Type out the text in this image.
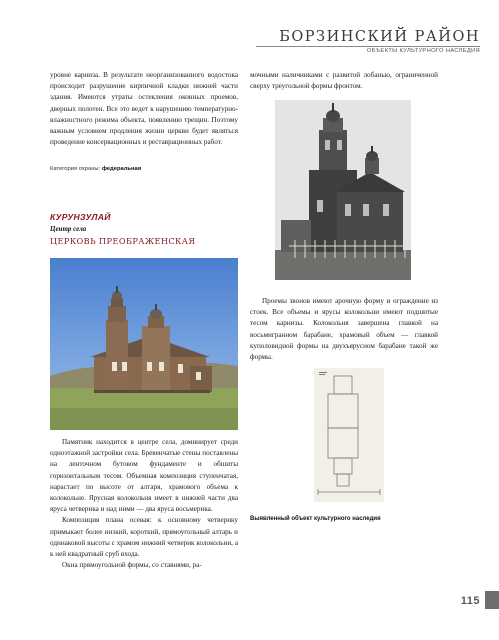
БОРЗИНСКИЙ РАЙОН
ОБЪЕКТЫ КУЛЬТУРНОГО НАСЛЕДИЯ

уровне карниза. В результате неорганизованного водостока происходит разрушение кирпичной кладки нижней части здания. Имеются утраты остекления оконных проемов, дверных полотен. Все это ведет к нарушению температурно-влажностного режима объекта, появлению трещин. Поэтому важным условием продления жизни церкви будет являться проведение консервационных и реставрационных работ.

Категория охраны: федеральная
КУРУНЗУЛАЙ
Центр села
ЦЕРКОВЬ ПРЕОБРАЖЕНСКАЯ

Памятник находится в центре села, доминирует среди одноэтажной застройки села. Бревенчатые стены поставлены на ленточном бутовом фундаменте и обшиты горизонтальным тесом. Объемная композиция ступенчатая, нарастает по высоте от алтаря, храмового объема к колокольне. Ярусная колокольня имеет в нижней части два яруса четверика и над ними — два яруса восьмерика.

Композиция плана осевая: к основному четверику примыкает более низкий, короткий, прямоугольный алтарь и одинаковой высоты с храмом нижний четверик колокольни, а к ней квадратный сруб входа.

Окна прямоугольной формы, со ставнями, ра-

мочными наличниками с развитой лобанью, ограниченной сверху треугольной формы фронтом.

Проемы звонов имеют арочную форму и ограждение из стоек. Все объемы и ярусы колокольни имеют подшитые тесом карнизы. Колокольня завершена главкой на восьмигранном барабане, храмовый объем — главкой куполовидной формы на двухъярусном барабане такой же формы.

Выявленный объект культурного наследия
115
